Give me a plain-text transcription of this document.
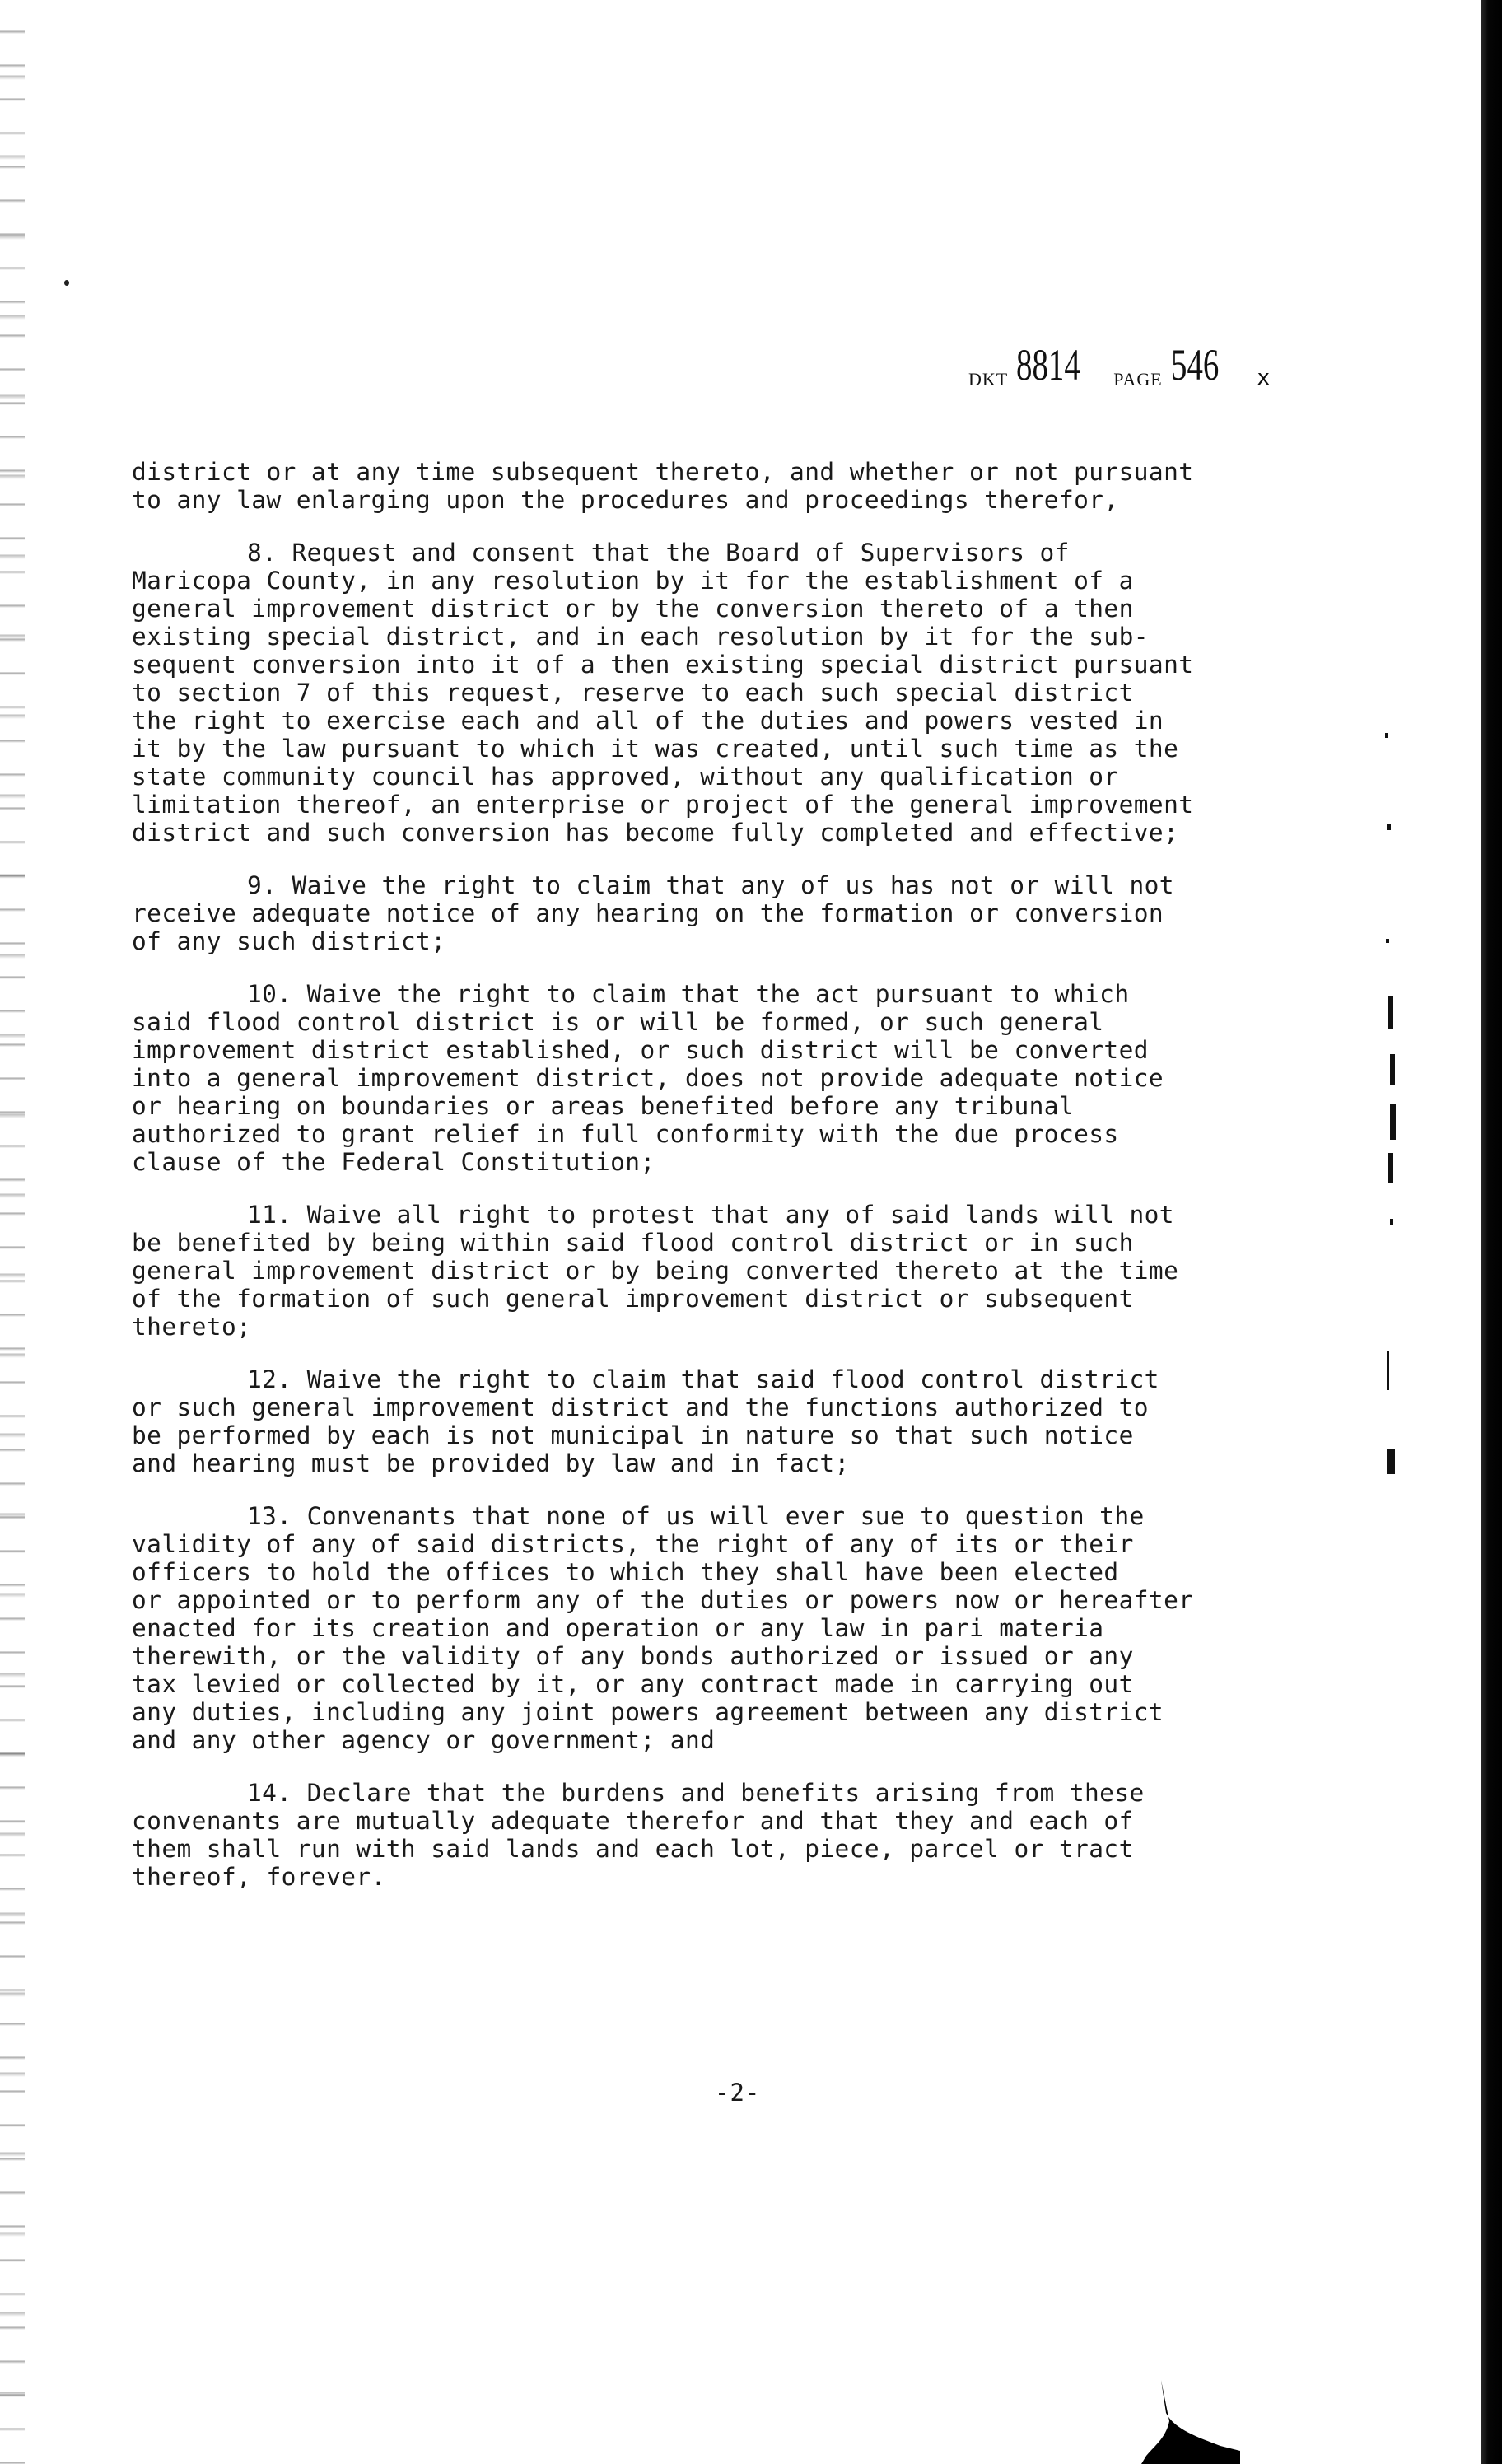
DKT 8814 PAGE 546 x
district or at any time subsequent thereto, and whether or not pursuant
to any law enlarging upon the procedures and proceedings therefor,
8. Request and consent that the Board of Supervisors of
Maricopa County, in any resolution by it for the establishment of a
general improvement district or by the conversion thereto of a then
existing special district, and in each resolution by it for the sub-
sequent conversion into it of a then existing special district pursuant
to section 7 of this request, reserve to each such special district
the right to exercise each and all of the duties and powers vested in
it by the law pursuant to which it was created, until such time as the
state community council has approved, without any qualification or
limitation thereof, an enterprise or project of the general improvement
district and such conversion has become fully completed and effective;
9. Waive the right to claim that any of us has not or will not
receive adequate notice of any hearing on the formation or conversion
of any such district;
10. Waive the right to claim that the act pursuant to which
said flood control district is or will be formed, or such general
improvement district established, or such district will be converted
into a general improvement district, does not provide adequate notice
or hearing on boundaries or areas benefited before any tribunal
authorized to grant relief in full conformity with the due process
clause of the Federal Constitution;
11. Waive all right to protest that any of said lands will not
be benefited by being within said flood control district or in such
general improvement district or by being converted thereto at the time
of the formation of such general improvement district or subsequent
thereto;
12. Waive the right to claim that said flood control district
or such general improvement district and the functions authorized to
be performed by each is not municipal in nature so that such notice
and hearing must be provided by law and in fact;
13. Convenants that none of us will ever sue to question the
validity of any of said districts, the right of any of its or their
officers to hold the offices to which they shall have been elected
or appointed or to perform any of the duties or powers now or hereafter
enacted for its creation and operation or any law in pari materia
therewith, or the validity of any bonds authorized or issued or any
tax levied or collected by it, or any contract made in carrying out
any duties, including any joint powers agreement between any district
and any other agency or government; and
14. Declare that the burdens and benefits arising from these
convenants are mutually adequate therefor and that they and each of
them shall run with said lands and each lot, piece, parcel or tract
thereof, forever.
-2-
